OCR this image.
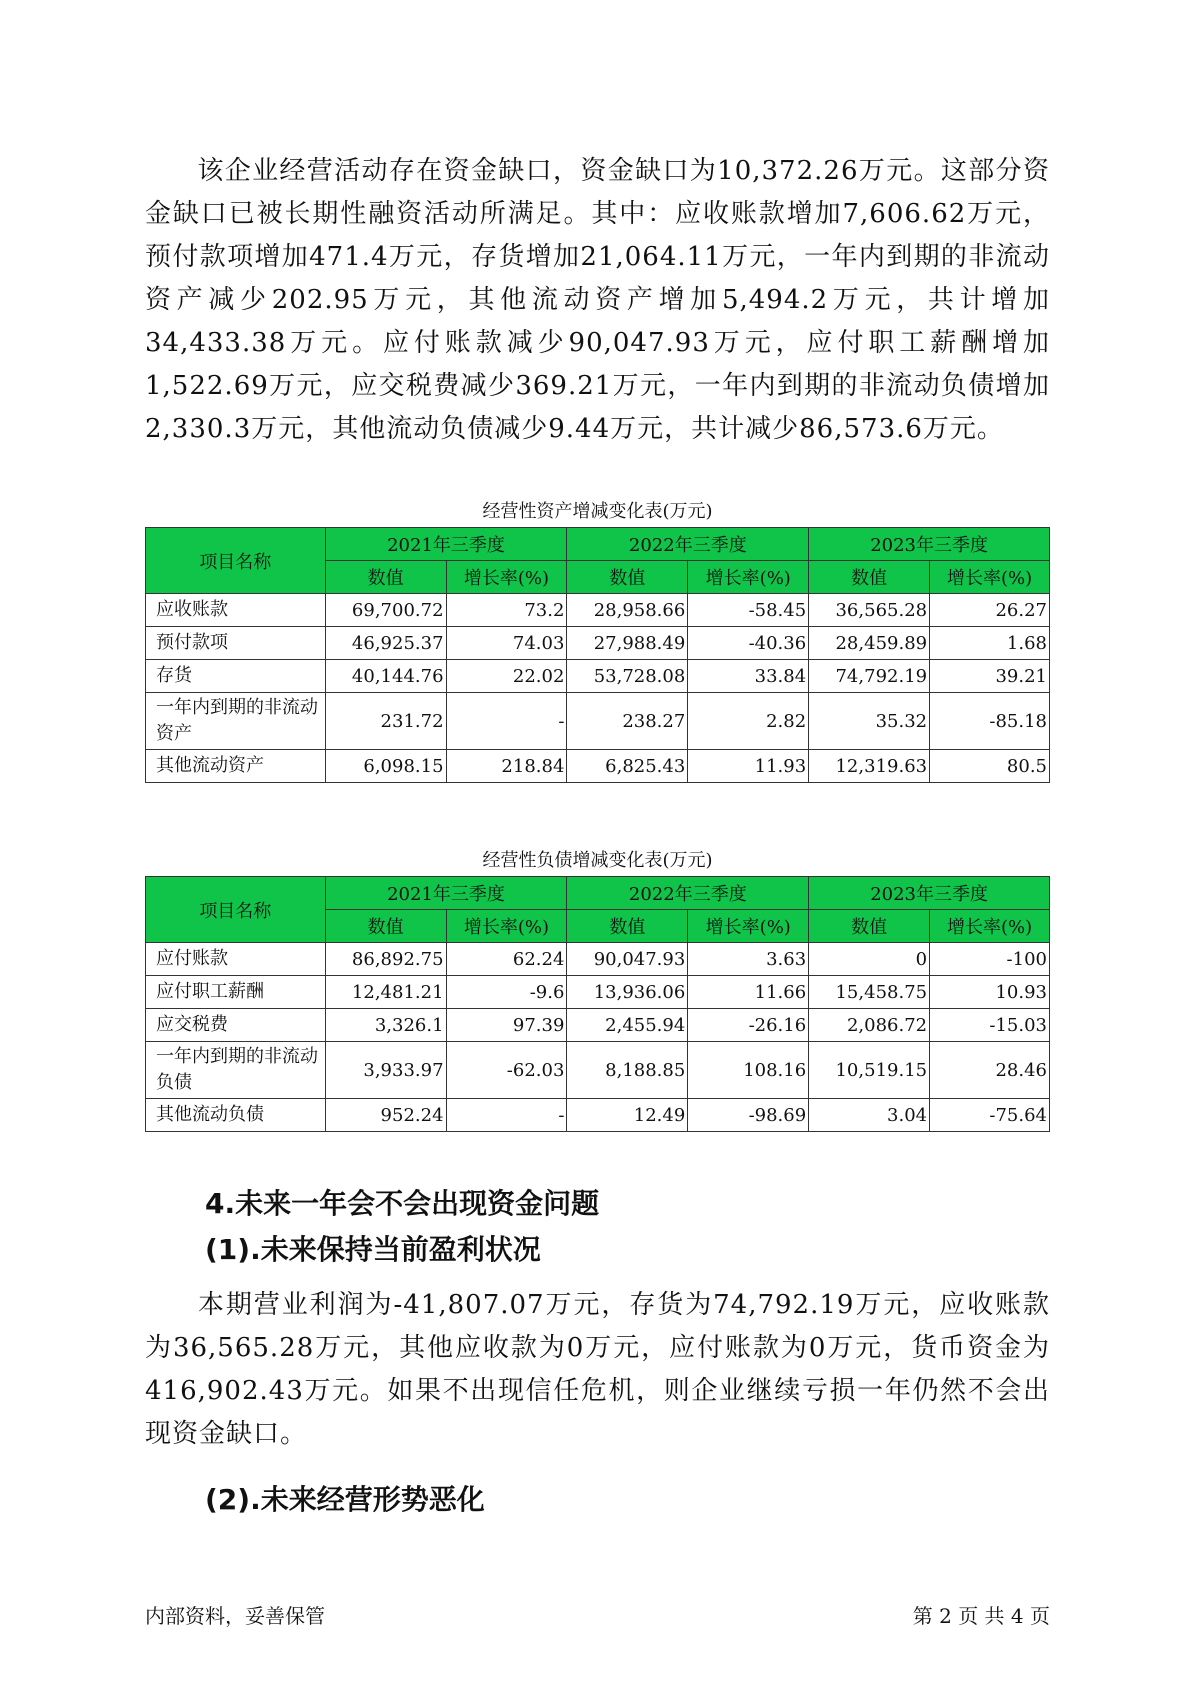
该企业经营活动存在资金缺口，资金缺口为10,372.26万元。这部分资金缺口已被长期性融资活动所满足。其中：应收账款增加7,606.62万元，预付款项增加471.4万元，存货增加21,064.11万元，一年内到期的非流动资产减少202.95万元，其他流动资产增加5,494.2万元，共计增加34,433.38万元。应付账款减少90,047.93万元，应付职工薪酬增加1,522.69万元，应交税费减少369.21万元，一年内到期的非流动负债增加2,330.3万元，其他流动负债减少9.44万元，共计减少86,573.6万元。

经营性资产增减变化表(万元)
项目名称	2021年三季度		2022年三季度		2023年三季度	
	数值	增长率(%)	数值	增长率(%)	数值	增长率(%)
应收账款	69,700.72	73.2	28,958.66	-58.45	36,565.28	26.27
预付款项	46,925.37	74.03	27,988.49	-40.36	28,459.89	1.68
存货	40,144.76	22.02	53,728.08	33.84	74,792.19	39.21
一年内到期的非流动资产	231.72	-	238.27	2.82	35.32	-85.18
其他流动资产	6,098.15	218.84	6,825.43	11.93	12,319.63	80.5
经营性负债增减变化表(万元)
项目名称	2021年三季度		2022年三季度		2023年三季度	
	数值	增长率(%)	数值	增长率(%)	数值	增长率(%)
应付账款	86,892.75	62.24	90,047.93	3.63	0	-100
应付职工薪酬	12,481.21	-9.6	13,936.06	11.66	15,458.75	10.93
应交税费	3,326.1	97.39	2,455.94	-26.16	2,086.72	-15.03
一年内到期的非流动负债	3,933.97	-62.03	8,188.85	108.16	10,519.15	28.46
其他流动负债	952.24	-	12.49	-98.69	3.04	-75.64
4.未来一年会不会出现资金问题
(1).未来保持当前盈利状况

本期营业利润为-41,807.07万元，存货为74,792.19万元，应收账款为36,565.28万元，其他应收款为0万元，应付账款为0万元，货币资金为416,902.43万元。如果不出现信任危机，则企业继续亏损一年仍然不会出现资金缺口。

(2).未来经营形势恶化
内部资料，妥善保管	第 2 页 共 4 页
